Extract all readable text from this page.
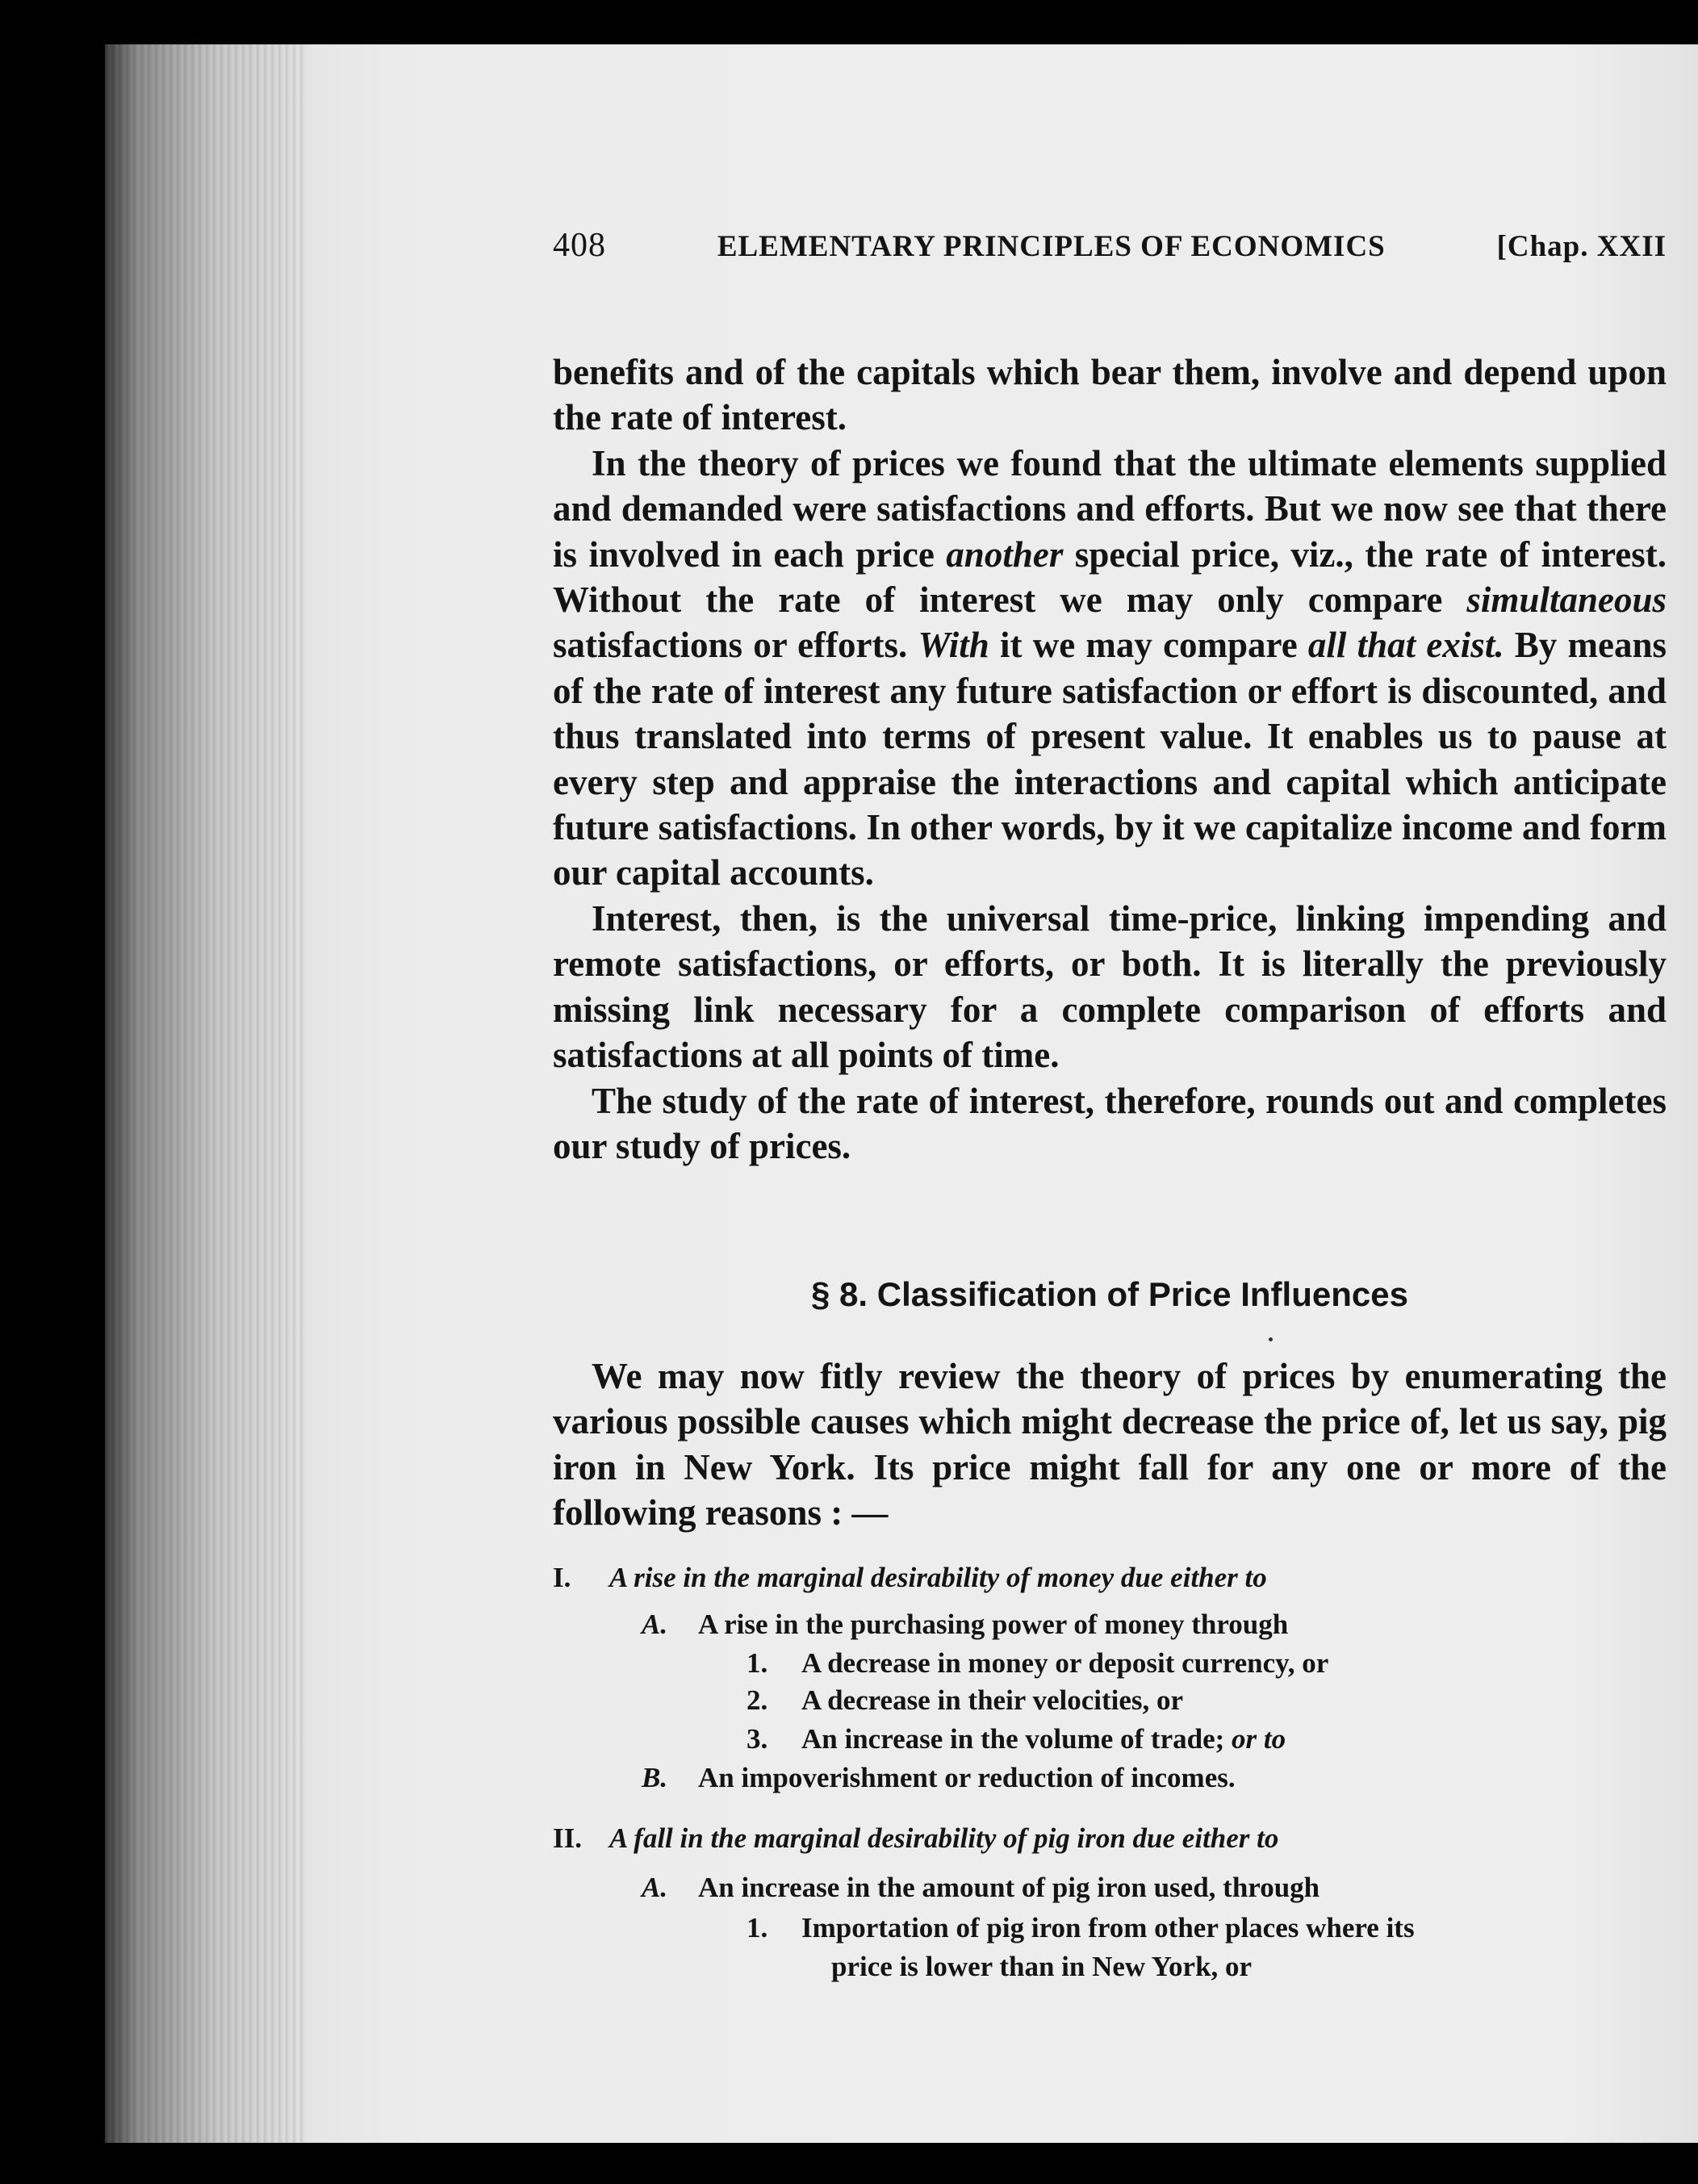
408	ELEMENTARY PRINCIPLES OF ECONOMICS	[Chap. XXII

benefits and of the capitals which bear them, involve and depend upon the rate of interest.

In the theory of prices we found that the ultimate elements supplied and demanded were satisfactions and efforts. But we now see that there is involved in each price another special price, viz., the rate of interest. Without the rate of interest we may only compare simultaneous satisfactions or efforts. With it we may compare all that exist. By means of the rate of interest any future satisfaction or effort is discounted, and thus translated into terms of present value. It enables us to pause at every step and appraise the interactions and capital which anticipate future satisfactions. In other words, by it we capitalize income and form our capital accounts.

Interest, then, is the universal time-price, linking impending and remote satisfactions, or efforts, or both. It is literally the previously missing link necessary for a complete comparison of efforts and satisfactions at all points of time.

The study of the rate of interest, therefore, rounds out and completes our study of prices.

§ 8. Classification of Price Influences

We may now fitly review the theory of prices by enumerating the various possible causes which might decrease the price of, let us say, pig iron in New York. Its price might fall for any one or more of the following reasons : —

I. A rise in the marginal desirability of money due either to
A. A rise in the purchasing power of money through
1. A decrease in money or deposit currency, or
2. A decrease in their velocities, or
3. An increase in the volume of trade; or to
B. An impoverishment or reduction of incomes.
II. A fall in the marginal desirability of pig iron due either to
A. An increase in the amount of pig iron used, through
1. Importation of pig iron from other places where its
price is lower than in New York, or
